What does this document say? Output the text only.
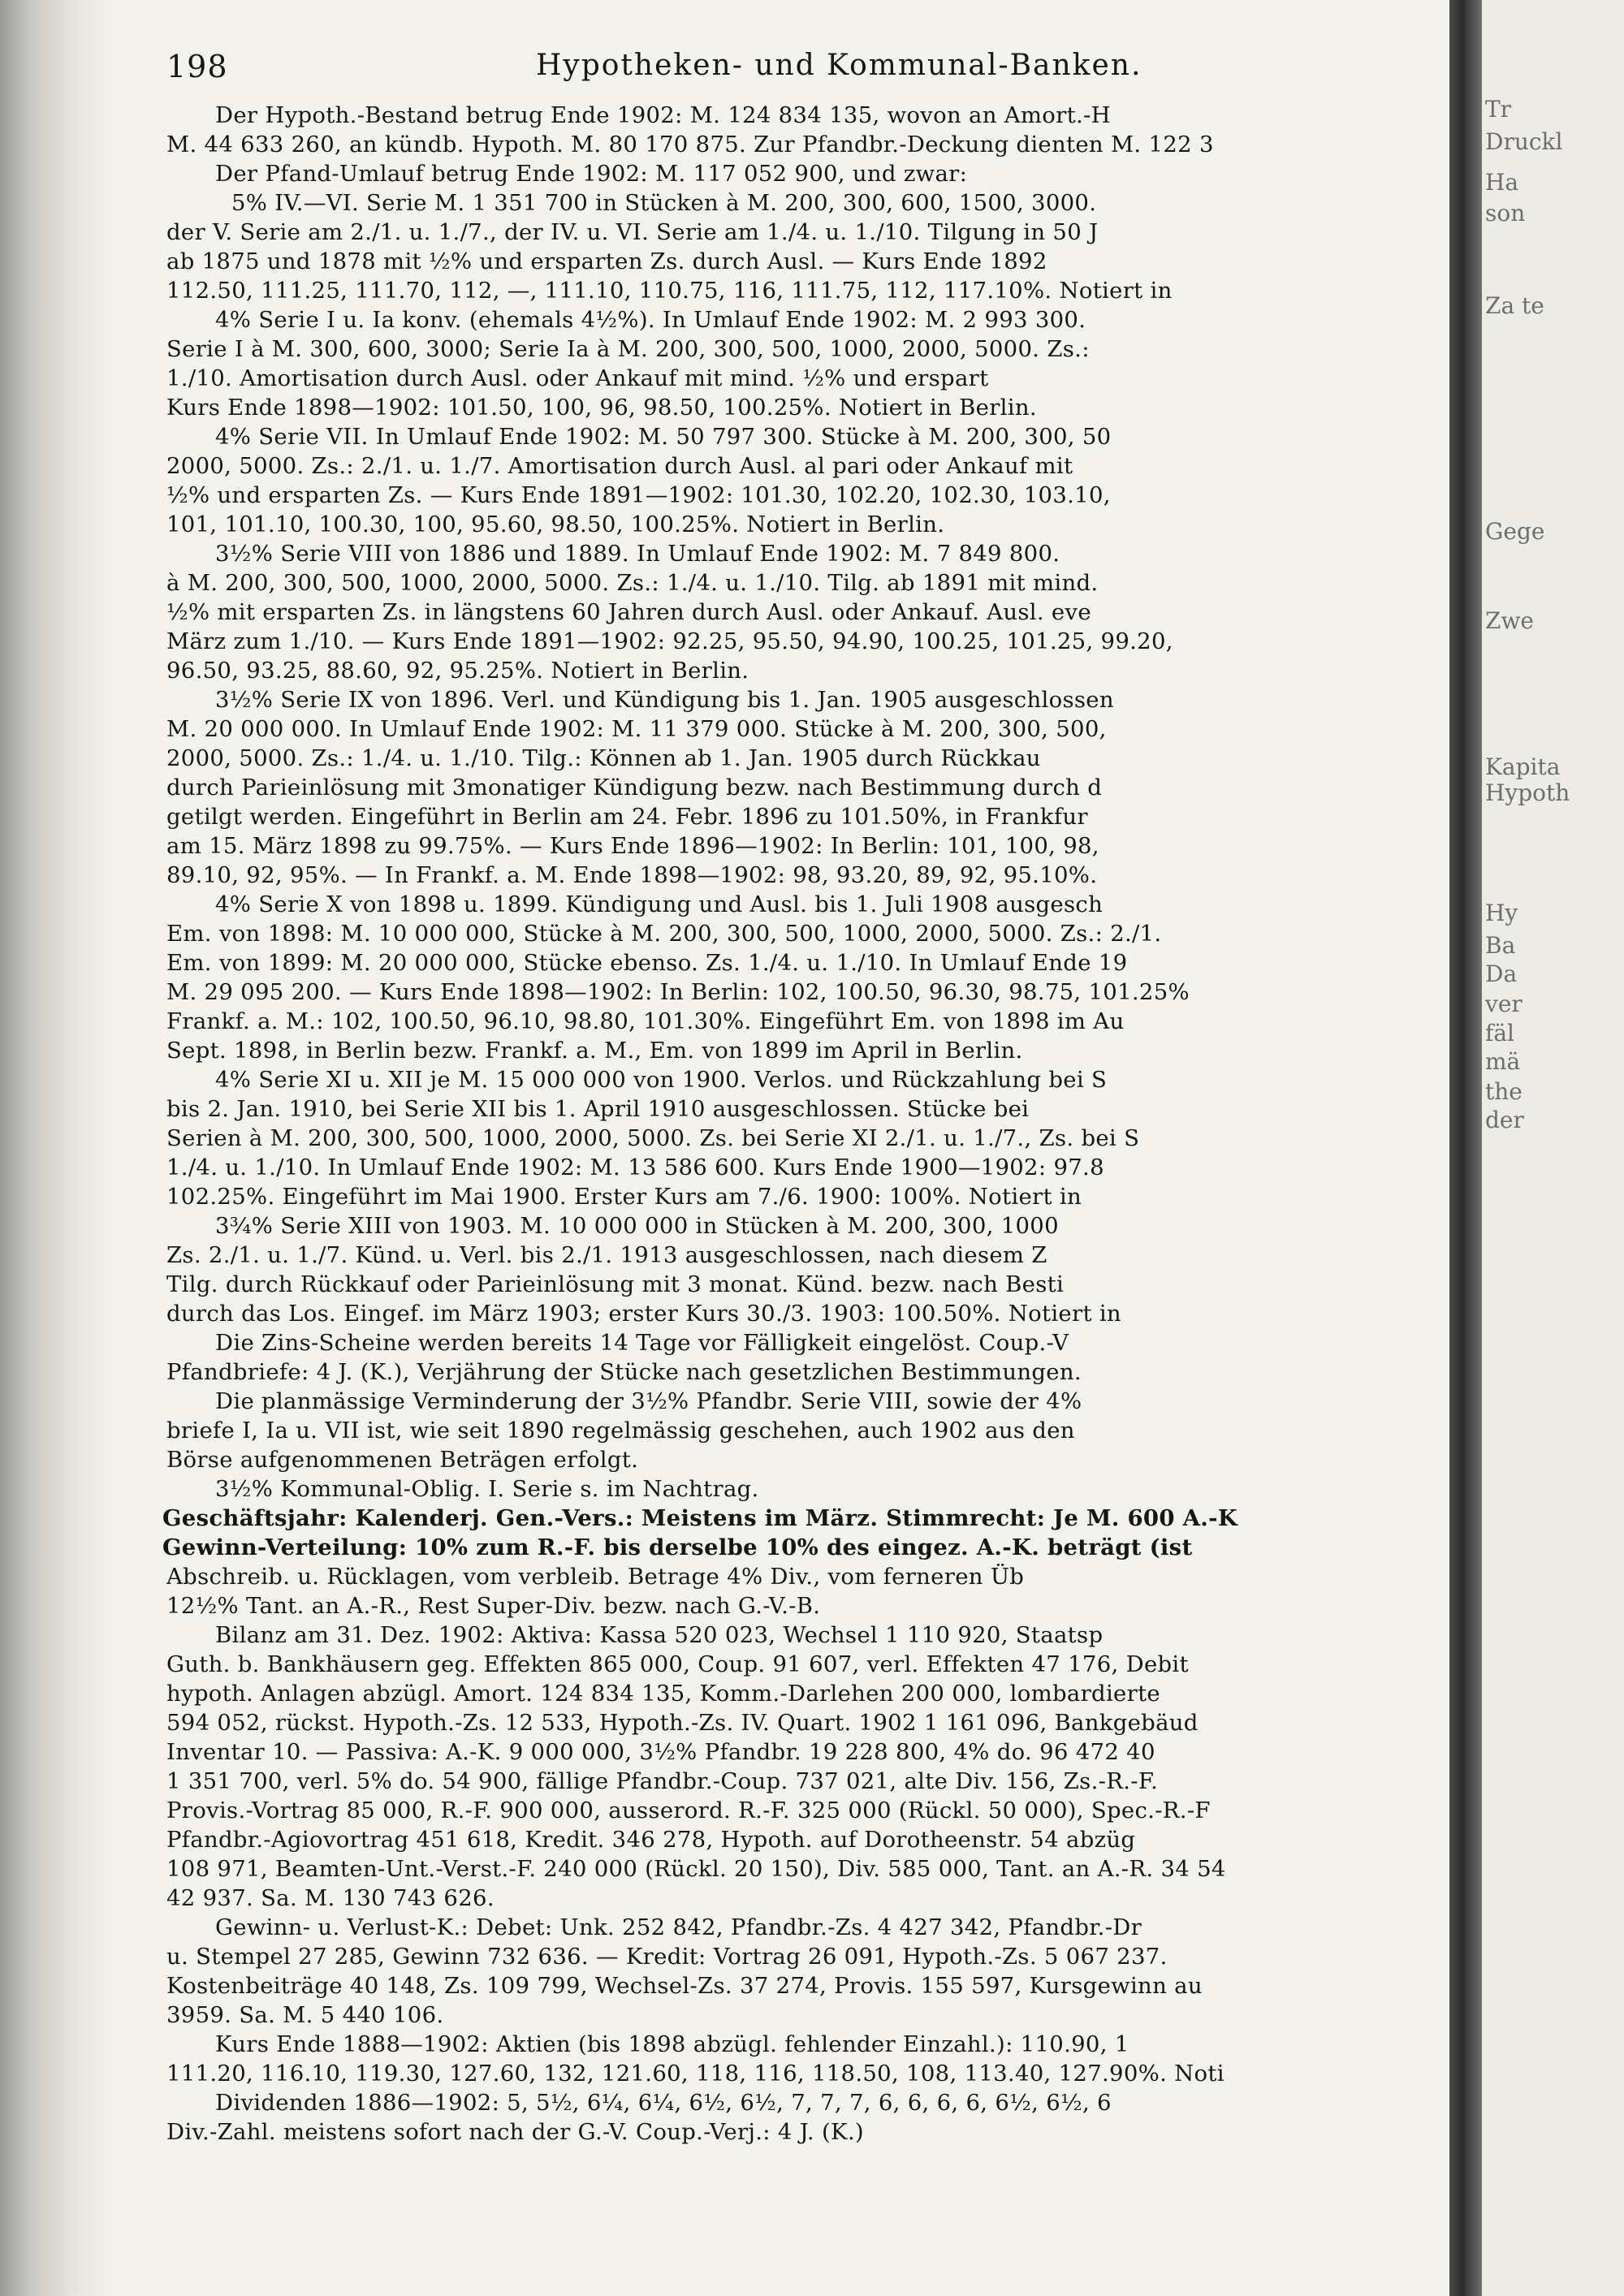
198	Hypotheken- und Kommunal-Banken.

Der Hypoth.-Bestand betrug Ende 1902: M. 124 834 135, wovon an Amort.-H

M. 44 633 260, an kündb. Hypoth. M. 80 170 875. Zur Pfandbr.-Deckung dienten M. 122 3

Der Pfand-Umlauf betrug Ende 1902: M. 117 052 900, und zwar:

5% IV.—VI. Serie M. 1 351 700 in Stücken à M. 200, 300, 600, 1500, 3000.

der V. Serie am 2./1. u. 1./7., der IV. u. VI. Serie am 1./4. u. 1./10. Tilgung in 50 J

ab 1875 und 1878 mit ½% und ersparten Zs. durch Ausl. — Kurs Ende 1892

112.50, 111.25, 111.70, 112, —, 111.10, 110.75, 116, 111.75, 112, 117.10%. Notiert in

4% Serie I u. Ia konv. (ehemals 4½%). In Umlauf Ende 1902: M. 2 993 300.

Serie I à M. 300, 600, 3000; Serie Ia à M. 200, 300, 500, 1000, 2000, 5000. Zs.:

1./10. Amortisation durch Ausl. oder Ankauf mit mind. ½% und erspart

Kurs Ende 1898—1902: 101.50, 100, 96, 98.50, 100.25%. Notiert in Berlin.

4% Serie VII. In Umlauf Ende 1902: M. 50 797 300. Stücke à M. 200, 300, 50

2000, 5000. Zs.: 2./1. u. 1./7. Amortisation durch Ausl. al pari oder Ankauf mit

½% und ersparten Zs. — Kurs Ende 1891—1902: 101.30, 102.20, 102.30, 103.10,

101, 101.10, 100.30, 100, 95.60, 98.50, 100.25%. Notiert in Berlin.

3½% Serie VIII von 1886 und 1889. In Umlauf Ende 1902: M. 7 849 800.

à M. 200, 300, 500, 1000, 2000, 5000. Zs.: 1./4. u. 1./10. Tilg. ab 1891 mit mind.

½% mit ersparten Zs. in längstens 60 Jahren durch Ausl. oder Ankauf. Ausl. eve

März zum 1./10. — Kurs Ende 1891—1902: 92.25, 95.50, 94.90, 100.25, 101.25, 99.20,

96.50, 93.25, 88.60, 92, 95.25%. Notiert in Berlin.

3½% Serie IX von 1896. Verl. und Kündigung bis 1. Jan. 1905 ausgeschlossen

M. 20 000 000. In Umlauf Ende 1902: M. 11 379 000. Stücke à M. 200, 300, 500,

2000, 5000. Zs.: 1./4. u. 1./10. Tilg.: Können ab 1. Jan. 1905 durch Rückkau

durch Parieinlösung mit 3monatiger Kündigung bezw. nach Bestimmung durch d

getilgt werden. Eingeführt in Berlin am 24. Febr. 1896 zu 101.50%, in Frankfur

am 15. März 1898 zu 99.75%. — Kurs Ende 1896—1902: In Berlin: 101, 100, 98,

89.10, 92, 95%. — In Frankf. a. M. Ende 1898—1902: 98, 93.20, 89, 92, 95.10%.

4% Serie X von 1898 u. 1899. Kündigung und Ausl. bis 1. Juli 1908 ausgesch

Em. von 1898: M. 10 000 000, Stücke à M. 200, 300, 500, 1000, 2000, 5000. Zs.: 2./1.

Em. von 1899: M. 20 000 000, Stücke ebenso. Zs. 1./4. u. 1./10. In Umlauf Ende 19

M. 29 095 200. — Kurs Ende 1898—1902: In Berlin: 102, 100.50, 96.30, 98.75, 101.25%

Frankf. a. M.: 102, 100.50, 96.10, 98.80, 101.30%. Eingeführt Em. von 1898 im Au

Sept. 1898, in Berlin bezw. Frankf. a. M., Em. von 1899 im April in Berlin.

4% Serie XI u. XII je M. 15 000 000 von 1900. Verlos. und Rückzahlung bei S

bis 2. Jan. 1910, bei Serie XII bis 1. April 1910 ausgeschlossen. Stücke bei

Serien à M. 200, 300, 500, 1000, 2000, 5000. Zs. bei Serie XI 2./1. u. 1./7., Zs. bei S

1./4. u. 1./10. In Umlauf Ende 1902: M. 13 586 600. Kurs Ende 1900—1902: 97.8

102.25%. Eingeführt im Mai 1900. Erster Kurs am 7./6. 1900: 100%. Notiert in

3¾% Serie XIII von 1903. M. 10 000 000 in Stücken à M. 200, 300, 1000

Zs. 2./1. u. 1./7. Künd. u. Verl. bis 2./1. 1913 ausgeschlossen, nach diesem Z

Tilg. durch Rückkauf oder Parieinlösung mit 3 monat. Künd. bezw. nach Besti

durch das Los. Eingef. im März 1903; erster Kurs 30./3. 1903: 100.50%. Notiert in

Die Zins-Scheine werden bereits 14 Tage vor Fälligkeit eingelöst. Coup.-V

Pfandbriefe: 4 J. (K.), Verjährung der Stücke nach gesetzlichen Bestimmungen.

Die planmässige Verminderung der 3½% Pfandbr. Serie VIII, sowie der 4%

briefe I, Ia u. VII ist, wie seit 1890 regelmässig geschehen, auch 1902 aus den

Börse aufgenommenen Beträgen erfolgt.

3½% Kommunal-Oblig. I. Serie s. im Nachtrag.

Geschäftsjahr: Kalenderj. Gen.-Vers.: Meistens im März. Stimmrecht: Je M. 600 A.-K

Gewinn-Verteilung: 10% zum R.-F. bis derselbe 10% des eingez. A.-K. beträgt (ist

Abschreib. u. Rücklagen, vom verbleib. Betrage 4% Div., vom ferneren Üb

12½% Tant. an A.-R., Rest Super-Div. bezw. nach G.-V.-B.

Bilanz am 31. Dez. 1902: Aktiva: Kassa 520 023, Wechsel 1 110 920, Staatsp

Guth. b. Bankhäusern geg. Effekten 865 000, Coup. 91 607, verl. Effekten 47 176, Debit

hypoth. Anlagen abzügl. Amort. 124 834 135, Komm.-Darlehen 200 000, lombardierte

594 052, rückst. Hypoth.-Zs. 12 533, Hypoth.-Zs. IV. Quart. 1902 1 161 096, Bankgebäud

Inventar 10. — Passiva: A.-K. 9 000 000, 3½% Pfandbr. 19 228 800, 4% do. 96 472 40

1 351 700, verl. 5% do. 54 900, fällige Pfandbr.-Coup. 737 021, alte Div. 156, Zs.-R.-F.

Provis.-Vortrag 85 000, R.-F. 900 000, ausserord. R.-F. 325 000 (Rückl. 50 000), Spec.-R.-F

Pfandbr.-Agiovortrag 451 618, Kredit. 346 278, Hypoth. auf Dorotheenstr. 54 abzüg

108 971, Beamten-Unt.-Verst.-F. 240 000 (Rückl. 20 150), Div. 585 000, Tant. an A.-R. 34 54

42 937. Sa. M. 130 743 626.

Gewinn- u. Verlust-K.: Debet: Unk. 252 842, Pfandbr.-Zs. 4 427 342, Pfandbr.-Dr

u. Stempel 27 285, Gewinn 732 636. — Kredit: Vortrag 26 091, Hypoth.-Zs. 5 067 237.

Kostenbeiträge 40 148, Zs. 109 799, Wechsel-Zs. 37 274, Provis. 155 597, Kursgewinn au

3959. Sa. M. 5 440 106.

Kurs Ende 1888—1902: Aktien (bis 1898 abzügl. fehlender Einzahl.): 110.90, 1

111.20, 116.10, 119.30, 127.60, 132, 121.60, 118, 116, 118.50, 108, 113.40, 127.90%. Noti

Dividenden 1886—1902: 5, 5½, 6¼, 6¼, 6½, 6½, 7, 7, 7, 6, 6, 6, 6, 6½, 6½, 6

Div.-Zahl. meistens sofort nach der G.-V. Coup.-Verj.: 4 J. (K.)

Tr
Druckl
Ha
son
Za te
Gege
Zwe
Kapita
Hypoth
Hy
Ba
Da
ver
fäl
mä
the
der
